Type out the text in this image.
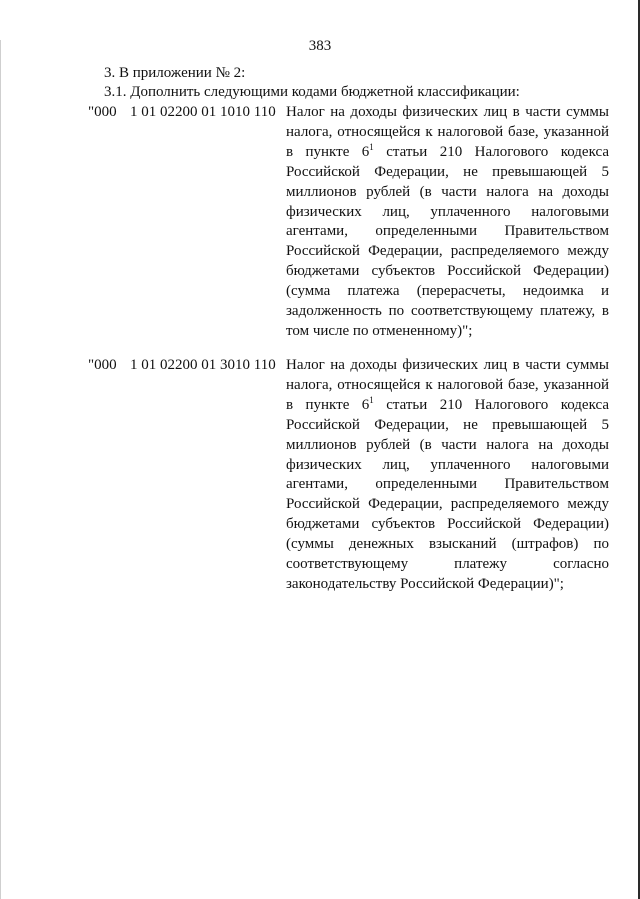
383
3. В приложении № 2:
3.1. Дополнить следующими кодами бюджетной классификации:
"000 1 01 02200 01 1010 110 Налог на доходы физических лиц в части суммы налога, относящейся к налоговой базе, указанной в пункте $6^1$ статьи 210 Налогового кодекса Российской Федерации, не превышающей 5 миллионов рублей (в части налога на доходы физических лиц, уплаченного налоговыми агентами, определенными Правительством Российской Федерации, распределяемого между бюджетами субъектов Российской Федерации) (сумма платежа (перерасчеты, недоимка и задолженность по соответствующему платежу, в том числе по отмененному)";
"000 1 01 02200 01 3010 110 Налог на доходы физических лиц в части суммы налога, относящейся к налоговой базе, указанной в пункте $6^1$ статьи 210 Налогового кодекса Российской Федерации, не превышающей 5 миллионов рублей (в части налога на доходы физических лиц, уплаченного налоговыми агентами, определенными Правительством Российской Федерации, распределяемого между бюджетами субъектов Российской Федерации) (суммы денежных взысканий (штрафов) по соответствующему платежу согласно законодательству Российской Федерации)";
